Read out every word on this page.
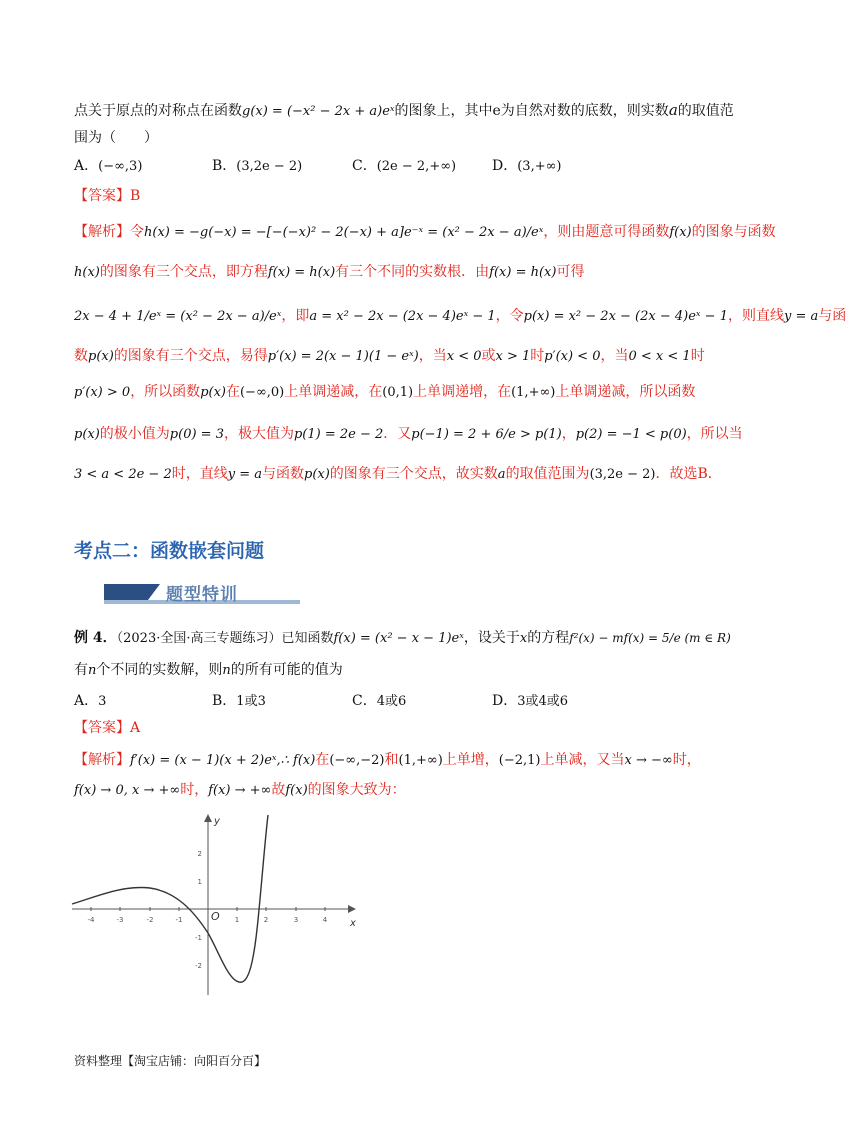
点关于原点的对称点在函数g(x) = (−x² − 2x + a)eˣ的图象上，其中e为自然对数的底数，则实数a的取值范
围为（　　）
A．(−∞,3)	B．(3,2e − 2)	C．(2e − 2,+∞)	D．(3,+∞)
【答案】B
【解析】令h(x) = −g(−x) = −[−(−x)² − 2(−x) + a]e⁻ˣ = (x² − 2x − a)/eˣ，则由题意可得函数f(x)的图象与函数
h(x)的图象有三个交点，即方程f(x) = h(x)有三个不同的实数根．由f(x) = h(x)可得
2x − 4 + 1/eˣ = (x² − 2x − a)/eˣ，即a = x² − 2x − (2x − 4)eˣ − 1，令p(x) = x² − 2x − (2x − 4)eˣ − 1，则直线y = a与函
数p(x)的图象有三个交点，易得p′(x) = 2(x − 1)(1 − eˣ)，当x < 0或x > 1时p′(x) < 0，当0 < x < 1时
p′(x) > 0，所以函数p(x)在(−∞,0)上单调递减，在(0,1)上单调递增，在(1,+∞)上单调递减，所以函数
p(x)的极小值为p(0) = 3，极大值为p(1) = 2e − 2．又p(−1) = 2 + 6/e > p(1)，p(2) = −1 < p(0)，所以当
3 < a < 2e − 2时，直线y = a与函数p(x)的图象有三个交点，故实数a的取值范围为(3,2e − 2)．故选B．
考点二：函数嵌套问题
题型特训
例 4．（2023·全国·高三专题练习）已知函数f(x) = (x² − x − 1)eˣ，设关于x的方程f²(x) − mf(x) = 5/e (m ∈ R)
有n个不同的实数解，则n的所有可能的值为
A．3	B．1或3	C．4或6	D．3或4或6
【答案】A
【解析】f′(x) = (x − 1)(x + 2)eˣ,∴ f(x)在(−∞,−2)和(1,+∞)上单增，(−2,1)上单减，又当x → −∞时，
f(x) → 0, x → +∞时，f(x) → +∞故f(x)的图象大致为：
-4	-3	-2	-1	1	2	3	4
2
1
-1
-2
O
x
y
资料整理【淘宝店铺：向阳百分百】
